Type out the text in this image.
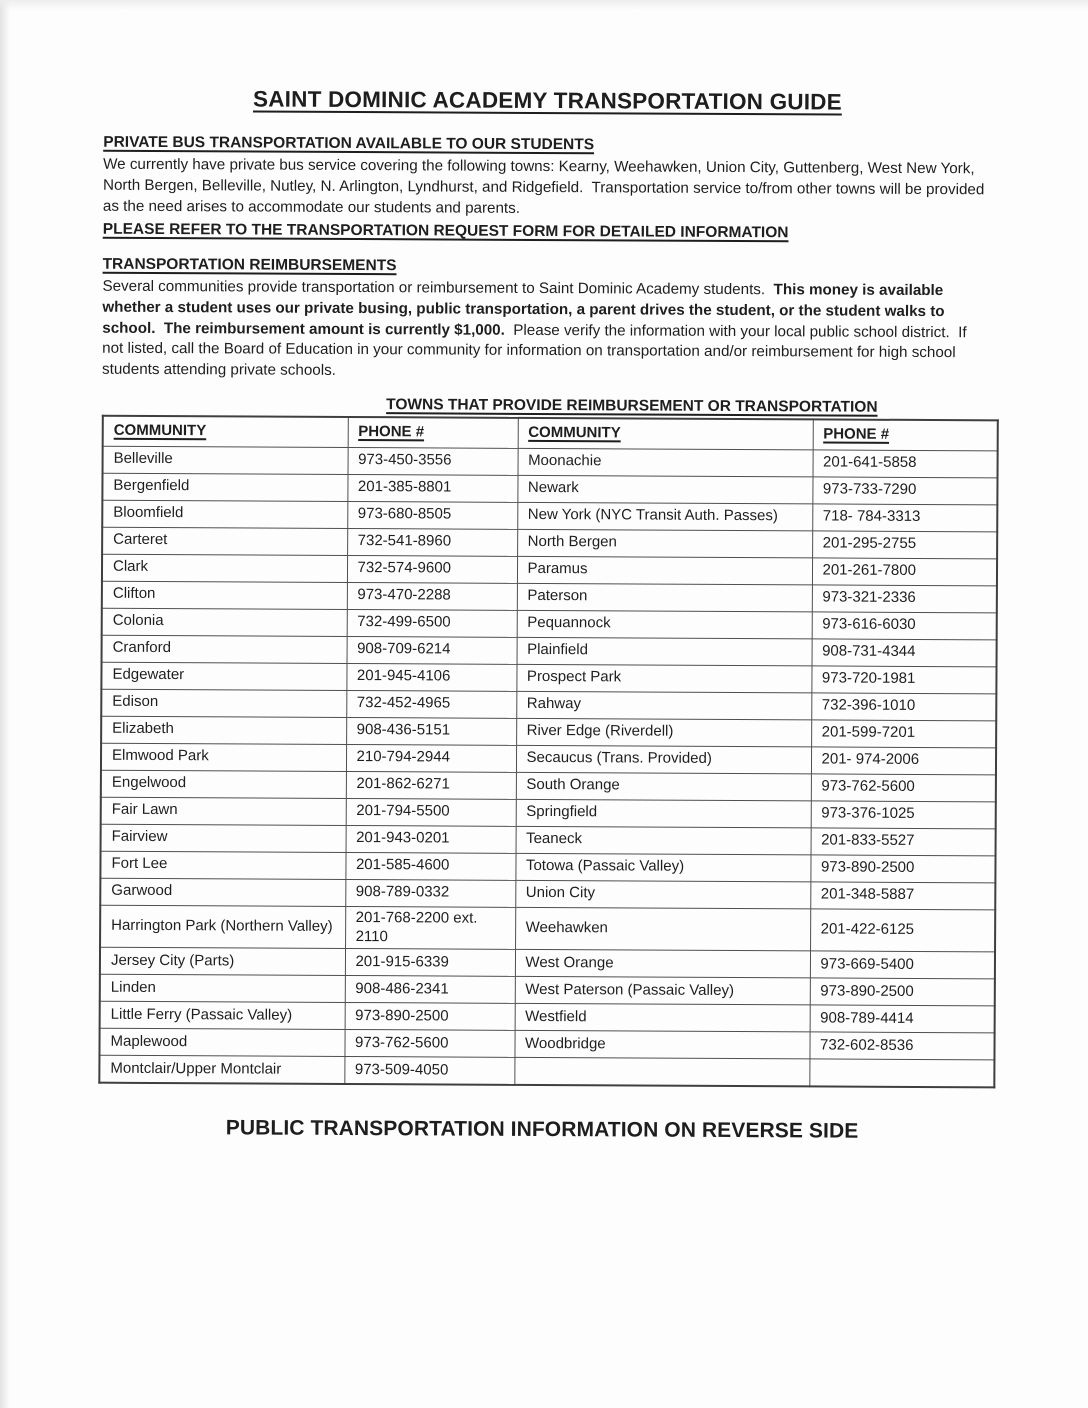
SAINT DOMINIC ACADEMY TRANSPORTATION GUIDE
PRIVATE BUS TRANSPORTATION AVAILABLE TO OUR STUDENTS

We currently have private bus service covering the following towns: Kearny, Weehawken, Union City, Guttenberg, West New York, North Bergen, Belleville, Nutley, N. Arlington, Lyndhurst, and Ridgefield.  Transportation service to/from other towns will be provided as the need arises to accommodate our students and parents.

PLEASE REFER TO THE TRANSPORTATION REQUEST FORM FOR DETAILED INFORMATION
TRANSPORTATION REIMBURSEMENTS

Several communities provide transportation or reimbursement to Saint Dominic Academy students.  This money is available whether a student uses our private busing, public transportation, a parent drives the student, or the student walks to school.  The reimbursement amount is currently $1,000.  Please verify the information with your local public school district.  If not listed, call the Board of Education in your community for information on transportation and/or reimbursement for high school students attending private schools.

TOWNS THAT PROVIDE REIMBURSEMENT OR TRANSPORTATION
COMMUNITY	PHONE #	COMMUNITY	PHONE #
Belleville	973-450-3556	Moonachie	201-641-5858
Bergenfield	201-385-8801	Newark	973-733-7290
Bloomfield	973-680-8505	New York (NYC Transit Auth. Passes)	718- 784-3313
Carteret	732-541-8960	North Bergen	201-295-2755
Clark	732-574-9600	Paramus	201-261-7800
Clifton	973-470-2288	Paterson	973-321-2336
Colonia	732-499-6500	Pequannock	973-616-6030
Cranford	908-709-6214	Plainfield	908-731-4344
Edgewater	201-945-4106	Prospect Park	973-720-1981
Edison	732-452-4965	Rahway	732-396-1010
Elizabeth	908-436-5151	River Edge (Riverdell)	201-599-7201
Elmwood Park	210-794-2944	Secaucus (Trans. Provided)	201- 974-2006
Engelwood	201-862-6271	South Orange	973-762-5600
Fair Lawn	201-794-5500	Springfield	973-376-1025
Fairview	201-943-0201	Teaneck	201-833-5527
Fort Lee	201-585-4600	Totowa (Passaic Valley)	973-890-2500
Garwood	908-789-0332	Union City	201-348-5887
Harrington Park (Northern Valley)	201-768-2200 ext. 2110	Weehawken	201-422-6125
Jersey City (Parts)	201-915-6339	West Orange	973-669-5400
Linden	908-486-2341	West Paterson (Passaic Valley)	973-890-2500
Little Ferry (Passaic Valley)	973-890-2500	Westfield	908-789-4414
Maplewood	973-762-5600	Woodbridge	732-602-8536
Montclair/Upper Montclair	973-509-4050		
PUBLIC TRANSPORTATION INFORMATION ON REVERSE SIDE
